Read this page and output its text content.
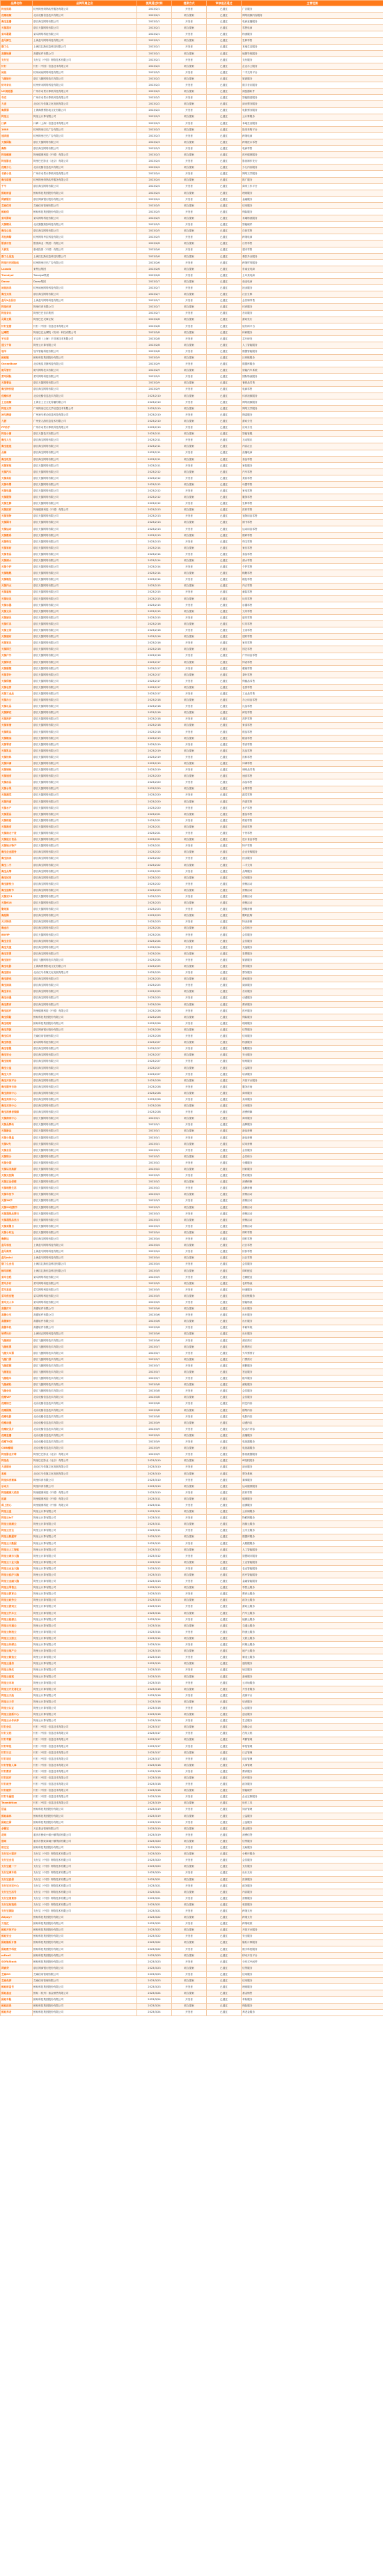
品牌名称	品牌所属企业	提案通过时间	提案方式	审核是否通过	主营范围
阿里妈妈	杭州阿里妈妈软件服务有限公司	2023/2/1	开发者	已通过	广告服务
优酷视频	北京优酷信息技术有限公司	2023/2/1	联合提案	已通过	网络视频内容服务
淘宝直播	浙江淘宝网络有限公司	2023/2/1	开发者	已通过	电商直播服务
天猫超市	浙江天猫网络有限公司	2023/2/1	联合提案	已通过	零售电商
菜鸟裹裹	菜鸟网络科技有限公司	2023/2/1	开发者	已通过	物流服务
盒马鲜生	上海盒马网络科技有限公司	2023/2/1	联合提案	已通过	生鲜零售
饿了么	上海拉扎斯信息科技有限公司	2023/2/1	开发者	已通过	本地生活服务
高德地图	高德软件有限公司	2023/2/1	联合提案	已通过	地图导航服务
支付宝	支付宝（中国）网络技术有限公司	2023/2/1	开发者	已通过	支付服务
钉钉	钉钉（中国）信息技术有限公司	2023/2/2	联合提案	已通过	企业办公服务
闲鱼	杭州闲鱼网络科技有限公司	2023/2/2	开发者	已通过	二手交易平台
飞猪旅行	浙江飞猪网络技术有限公司	2023/2/2	联合提案	已通过	旅游服务
虾米音乐	杭州虾米网络科技有限公司	2023/2/2	开发者	已通过	数字音乐服务
UC浏览器	广州市动景计算机科技有限公司	2023/2/2	联合提案	已通过	浏览器软件
夸克	广州市动景计算机科技有限公司	2023/2/2	开发者	已通过	智能搜索服务
大麦	北京红马传媒文化发展有限公司	2023/2/2	联合提案	已通过	演出票务服务
淘票票	上海淘票票影视文化有限公司	2023/2/2	开发者	已通过	电影票务服务
阿里云	阿里云计算有限公司	2023/2/3	联合提案	已通过	云计算服务
口碑	口碑（上海）信息技术有限公司	2023/2/3	开发者	已通过	本地生活服务
1688	杭州阿里巴巴广告有限公司	2023/2/3	联合提案	已通过	批发采购平台
速卖通	杭州阿里巴巴广告有限公司	2023/2/3	开发者	已通过	跨境电商
天猫国际	浙江天猫网络有限公司	2023/2/3	联合提案	已通过	跨境进口零售
淘特	浙江淘宝网络有限公司	2023/2/3	开发者	已通过	电商零售
阿里健康	阿里健康科技（中国）有限公司	2023/2/3	联合提案	已通过	医疗健康服务
阿里影业	阿里巴巴影业（北京）有限公司	2023/2/4	开发者	已通过	影视制作发行
优酷少儿	北京优酷信息技术有限公司	2023/2/4	联合提案	已通过	少儿内容服务
书旗小说	广州市动景计算机科技有限公司	2023/2/4	开发者	已通过	网络文学服务
淘宝联盟	杭州阿里妈妈软件服务有限公司	2023/2/4	联合提案	已通过	推广服务
千牛	浙江淘宝网络有限公司	2023/2/4	开发者	已通过	商家工作平台
蚂蚁财富	蚂蚁科技集团股份有限公司	2023/2/4	联合提案	已通过	理财服务
网商银行	浙江网商银行股份有限公司	2023/2/4	开发者	已通过	金融服务
芝麻信用	芝麻信用管理有限公司	2023/2/5	联合提案	已通过	信用服务
蚂蚁保	蚂蚁科技集团股份有限公司	2023/2/5	开发者	已通过	保险服务
菜鸟驿站	菜鸟网络科技有限公司	2023/2/5	联合提案	已通过	末端物流服务
天猫精灵	北京猫猫狗狗科技有限公司	2023/2/5	开发者	已通过	智能硬件
淘宝心选	浙江淘宝网络有限公司	2023/2/5	联合提案	已通过	自营零售
考拉海购	杭州网易考拉科技有限公司	2023/2/5	开发者	已通过	跨境电商
银泰百货	银泰商业（集团）有限公司	2023/2/6	联合提案	已通过	百货零售
大润发	康成投资（中国）有限公司	2023/2/6	开发者	已通过	超市零售
饿了么星选	上海拉扎斯信息科技有限公司	2023/2/6	联合提案	已通过	餐饮外卖服务
阿里巴巴国际站	杭州阿里巴巴广告有限公司	2023/2/6	开发者	已通过	跨境贸易服务
Lazada	来赞达集团	2023/2/6	联合提案	已通过	东南亚电商
Trendyol	Trendyol集团	2023/2/6	开发者	已通过	土耳其电商
Daraz	Daraz集团	2023/2/7	联合提案	已通过	南亚电商
闲鱼拍卖	杭州闲鱼网络科技有限公司	2023/2/7	开发者	已通过	拍卖服务
淘宝买菜	浙江淘宝网络有限公司	2023/2/7	联合提案	已通过	社区生鲜
盒马X会员店	上海盒马网络科技有限公司	2023/2/7	开发者	已通过	会员制零售
阿里体育	阿里体育有限公司	2023/2/7	联合提案	已通过	体育服务
阿里音乐	阿里巴巴音乐集团	2023/2/7	开发者	已通过	音乐服务
灵犀互娱	阿里巴巴灵犀互娱	2023/2/8	联合提案	已通过	游戏发行
钉钉宜搭	钉钉（中国）信息技术有限公司	2023/2/8	开发者	已通过	低代码平台
达摩院	阿里巴巴达摩院（杭州）科技有限公司	2023/2/8	联合提案	已通过	科研服务
平头哥	平头哥（上海）半导体技术有限公司	2023/2/8	开发者	已通过	芯片研发
通义千问	阿里云计算有限公司	2023/2/8	联合提案	已通过	人工智能服务
瓴羊	瓴羊智能科技有限公司	2023/2/8	开发者	已通过	数据智能服务
蚂蚁链	蚂蚁科技集团股份有限公司	2023/2/9	联合提案	已通过	区块链服务
OceanBase	北京奥星贝斯科技有限公司	2023/2/9	开发者	已通过	数据库服务
斑马智行	斑马网络技术有限公司	2023/2/9	联合提案	已通过	智能汽车系统
菜鸟国际	菜鸟网络科技有限公司	2023/2/9	开发者	已通过	国际物流服务
天猫奢品	浙江天猫网络有限公司	2023/2/9	联合提案	已通过	奢侈品零售
淘宝特价版	浙江淘宝网络有限公司	2023/2/9	开发者	已通过	电商零售
优酷体育	北京优酷信息技术有限公司	2023/2/10	联合提案	已通过	体育视频服务
土豆视频	上海全土豆文化传播有限公司	2023/2/10	开发者	已通过	网络视频服务
阿里文学	广州阿里巴巴文学信息技术有限公司	2023/2/10	联合提案	已通过	网络文学服务
神马搜索	广州神马移动信息科技有限公司	2023/2/10	开发者	已通过	搜索服务
九游	广州爱九游信息技术有限公司	2023/2/10	联合提案	已通过	游戏分发
PP助手	广州市动景计算机科技有限公司	2023/2/10	开发者	已通过	应用分发
阿里小蜜	浙江天猫技术有限公司	2023/2/11	联合提案	已通过	智能客服
淘宝人生	浙江淘宝网络有限公司	2023/2/11	开发者	已通过	互动娱乐
淘宝逛逛	浙江淘宝网络有限公司	2023/2/11	联合提案	已通过	内容社区
点淘	浙江淘宝网络有限公司	2023/2/11	开发者	已通过	直播电商
淘宝吃货	浙江淘宝网络有限公司	2023/2/11	联合提案	已通过	食品零售
天猫家装	浙江天猫网络有限公司	2023/2/11	开发者	已通过	家装服务
天猫汽车	浙江天猫网络有限公司	2023/2/12	联合提案	已通过	汽车零售
天猫美妆	浙江天猫网络有限公司	2023/2/12	开发者	已通过	美妆零售
天猫母婴	浙江天猫网络有限公司	2023/2/12	联合提案	已通过	母婴零售
天猫电器	浙江天猫网络有限公司	2023/2/12	开发者	已通过	家电零售
天猫服饰	浙江天猫网络有限公司	2023/2/12	联合提案	已通过	服饰零售
天猫生鲜	浙江天猫网络有限公司	2023/2/12	开发者	已通过	生鲜零售
天猫医药	阿里健康科技（中国）有限公司	2023/2/13	联合提案	已通过	医药零售
天猫宠物	浙江天猫网络有限公司	2023/2/13	开发者	已通过	宠物用品零售
天猫图书	浙江天猫网络有限公司	2023/2/13	联合提案	已通过	图书零售
天猫运动	浙江天猫网络有限公司	2023/2/13	开发者	已通过	运动用品零售
天猫数码	浙江天猫网络有限公司	2023/2/13	联合提案	已通过	数码零售
天猫珠宝	浙江天猫网络有限公司	2023/2/13	开发者	已通过	珠宝零售
天猫家纺	浙江天猫网络有限公司	2023/2/14	联合提案	已通过	家纺零售
天猫食品	浙江天猫网络有限公司	2023/2/14	开发者	已通过	食品零售
天猫酒水	浙江天猫网络有限公司	2023/2/14	联合提案	已通过	酒水零售
天猫个护	浙江天猫网络有限公司	2023/2/14	开发者	已通过	个护零售
天猫鞋靴	浙江天猫网络有限公司	2023/2/14	联合提案	已通过	鞋靴零售
天猫箱包	浙江天猫网络有限公司	2023/2/14	开发者	已通过	箱包零售
天猫内衣	浙江天猫网络有限公司	2023/2/15	联合提案	已通过	内衣零售
天猫童装	浙江天猫网络有限公司	2023/2/15	开发者	已通过	童装零售
天猫玩具	浙江天猫网络有限公司	2023/2/15	联合提案	已通过	玩具零售
天猫乐器	浙江天猫网络有限公司	2023/2/15	开发者	已通过	乐器零售
天猫文具	浙江天猫网络有限公司	2023/2/15	联合提案	已通过	文具零售
天猫厨具	浙江天猫网络有限公司	2023/2/15	开发者	已通过	厨具零售
天猫灯具	浙江天猫网络有限公司	2023/2/16	联合提案	已通过	灯具零售
天猫卫浴	浙江天猫网络有限公司	2023/2/16	开发者	已通过	卫浴零售
天猫建材	浙江天猫网络有限公司	2023/2/16	联合提案	已通过	建材零售
天猫家具	浙江天猫网络有限公司	2023/2/16	开发者	已通过	家具零售
天猫园艺	浙江天猫网络有限公司	2023/2/16	联合提案	已通过	园艺零售
天猫户外	浙江天猫网络有限公司	2023/2/16	开发者	已通过	户外用品零售
天猫钟表	浙江天猫网络有限公司	2023/2/17	联合提案	已通过	钟表零售
天猫眼镜	浙江天猫网络有限公司	2023/2/17	开发者	已通过	眼镜零售
天猫茶叶	浙江天猫网络有限公司	2023/2/17	联合提案	已通过	茶叶零售
天猫保健	浙江天猫网络有限公司	2023/2/17	开发者	已通过	保健品零售
天猫农资	浙江天猫网络有限公司	2023/2/17	联合提案	已通过	农资零售
天猫工业品	浙江天猫网络有限公司	2023/2/17	开发者	已通过	工业品零售
天猫办公	浙江天猫网络有限公司	2023/2/18	联合提案	已通过	办公用品零售
天猫礼品	浙江天猫网络有限公司	2023/2/18	开发者	已通过	礼品零售
天猫鲜花	浙江天猫网络有限公司	2023/2/18	联合提案	已通过	鲜花零售
天猫洗护	浙江天猫网络有限公司	2023/2/18	开发者	已通过	洗护零售
天猫家清	浙江天猫网络有限公司	2023/2/18	联合提案	已通过	家清零售
天猫纸品	浙江天猫网络有限公司	2023/2/18	开发者	已通过	纸品零售
天猫粮油	浙江天猫网络有限公司	2023/2/19	联合提案	已通过	粮油零售
天猫零食	浙江天猫网络有限公司	2023/2/19	开发者	已通过	零食零售
天猫乳品	浙江天猫网络有限公司	2023/2/19	联合提案	已通过	乳品零售
天猫饮料	浙江天猫网络有限公司	2023/2/19	开发者	已通过	饮料零售
天猫冲调	浙江天猫网络有限公司	2023/2/19	联合提案	已通过	冲调零售
天猫调味	浙江天猫网络有限公司	2023/2/19	开发者	已通过	调味品零售
天猫速食	浙江天猫网络有限公司	2023/2/20	联合提案	已通过	速食零售
天猫冻品	浙江天猫网络有限公司	2023/2/20	开发者	已通过	冻品零售
天猫水果	浙江天猫网络有限公司	2023/2/20	联合提案	已通过	水果零售
天猫蔬菜	浙江天猫网络有限公司	2023/2/20	开发者	已通过	蔬菜零售
天猫肉禽	浙江天猫网络有限公司	2023/2/20	联合提案	已通过	肉禽零售
天猫水产	浙江天猫网络有限公司	2023/2/20	开发者	已通过	水产零售
天猫蛋品	浙江天猫网络有限公司	2023/2/21	联合提案	已通过	蛋品零售
天猫烘焙	浙江天猫网络有限公司	2023/2/21	开发者	已通过	烘焙零售
天猫熟食	浙江天猫网络有限公司	2023/2/21	联合提案	已通过	熟食零售
天猫南北干货	浙江天猫网络有限公司	2023/2/21	开发者	已通过	干货零售
天猫进口食品	浙江天猫网络有限公司	2023/2/21	联合提案	已通过	进口食品零售
天猫地方特产	浙江天猫网络有限公司	2023/2/21	开发者	已通过	特产零售
淘宝企业服务	浙江淘宝网络有限公司	2023/2/22	联合提案	已通过	企业采购服务
淘宝拍卖	浙江淘宝网络有限公司	2023/2/22	开发者	已通过	拍卖服务
淘宝二手	浙江淘宝网络有限公司	2023/2/22	联合提案	已通过	二手交易
淘宝众筹	浙江淘宝网络有限公司	2023/2/22	开发者	已通过	众筹服务
淘宝试用	浙江淘宝网络有限公司	2023/2/22	联合提案	已通过	试用服务
淘宝新势力	浙江淘宝网络有限公司	2023/2/22	开发者	已通过	营销活动
淘宝造物节	浙江淘宝网络有限公司	2023/2/23	联合提案	已通过	营销活动
天猫双11	浙江天猫网络有限公司	2023/2/23	开发者	已通过	营销活动
天猫618	浙江天猫网络有限公司	2023/2/23	联合提案	已通过	营销活动
聚划算	浙江天猫网络有限公司	2023/2/23	开发者	已通过	团购营销
淘抢购	浙江淘宝网络有限公司	2023/2/23	联合提案	已通过	限时抢购
天天特卖	浙江淘宝网络有限公司	2023/2/23	开发者	已通过	特卖营销
淘金币	浙江淘宝网络有限公司	2023/2/24	联合提案	已通过	会员积分
88VIP	浙江天猫网络有限公司	2023/2/24	开发者	已通过	会员服务
淘宝会员	浙江淘宝网络有限公司	2023/2/24	联合提案	已通过	会员服务
淘宝充值	浙江淘宝网络有限公司	2023/2/24	开发者	已通过	充值服务
淘宝彩票	浙江淘宝网络有限公司	2023/2/24	联合提案	已通过	彩票服务
淘宝旅行	浙江飞猪网络技术有限公司	2023/2/24	开发者	已通过	旅游服务
淘宝电影	上海淘票票影视文化有限公司	2023/2/25	联合提案	已通过	票务服务
淘宝演出	北京红马传媒文化发展有限公司	2023/2/25	开发者	已通过	票务服务
淘宝游戏	浙江淘宝网络有限公司	2023/2/25	联合提案	已通过	游戏服务
淘宝阅读	浙江淘宝网络有限公司	2023/2/25	开发者	已通过	阅读服务
淘宝音乐	浙江淘宝网络有限公司	2023/2/25	联合提案	已通过	音乐服务
淘宝动漫	浙江淘宝网络有限公司	2023/2/25	开发者	已通过	动漫服务
淘宝教育	浙江淘宝网络有限公司	2023/2/26	联合提案	已通过	教育服务
淘宝医疗	阿里健康科技（中国）有限公司	2023/2/26	开发者	已通过	医疗服务
淘宝保险	蚂蚁科技集团股份有限公司	2023/2/26	联合提案	已通过	保险服务
淘宝理财	蚂蚁科技集团股份有限公司	2023/2/26	开发者	已通过	理财服务
淘宝贷款	浙江网商银行股份有限公司	2023/2/26	联合提案	已通过	信贷服务
淘宝信用	芝麻信用管理有限公司	2023/2/26	开发者	已通过	信用服务
淘宝物流	菜鸟网络科技有限公司	2023/2/27	联合提案	已通过	物流服务
淘宝客服	浙江淘宝网络有限公司	2023/2/27	开发者	已通过	客服服务
淘宝安全	浙江淘宝网络有限公司	2023/2/27	联合提案	已通过	安全服务
淘宝规则	浙江淘宝网络有限公司	2023/2/27	开发者	已通过	规则服务
淘宝公益	浙江淘宝网络有限公司	2023/2/27	联合提案	已通过	公益服务
淘宝大学	浙江淘宝网络有限公司	2023/2/27	开发者	已通过	培训服务
淘宝开放平台	浙江淘宝网络有限公司	2023/2/28	联合提案	已通过	开放平台服务
淘宝服务市场	浙江淘宝网络有限公司	2023/2/28	开发者	已通过	服务市场
淘宝商家中心	浙江淘宝网络有限公司	2023/2/28	联合提案	已通过	商家服务
淘宝卖家中心	浙江淘宝网络有限公司	2023/2/28	开发者	已通过	卖家服务
淘宝买家中心	浙江淘宝网络有限公司	2023/2/28	联合提案	已通过	买家服务
淘宝消费者保障	浙江淘宝网络有限公司	2023/2/28	开发者	已通过	消费保障
天猫商家中心	浙江天猫网络有限公司	2023/3/1	联合提案	已通过	商家服务
天猫品牌站	浙江天猫网络有限公司	2023/3/1	开发者	已通过	品牌服务
天猫新品	浙江天猫网络有限公司	2023/3/1	联合提案	已通过	新品营销
天猫小黑盒	浙江天猫网络有限公司	2023/3/1	开发者	已通过	新品营销
天猫U先	浙江天猫网络有限公司	2023/3/1	联合提案	已通过	试用营销
天猫会员	浙江天猫网络有限公司	2023/3/1	开发者	已通过	会员服务
天猫积分	浙江天猫网络有限公司	2023/3/2	联合提案	已通过	会员积分
天猫分期	浙江天猫网络有限公司	2023/3/2	开发者	已通过	分期服务
天猫以旧换新	浙江天猫网络有限公司	2023/3/2	联合提案	已通过	回收服务
天猫无忧购	浙江天猫网络有限公司	2023/3/2	开发者	已通过	售后服务
天猫正品保障	浙江天猫网络有限公司	2023/3/2	联合提案	已通过	消费保障
天猫理想生活	浙江天猫网络有限公司	2023/3/2	开发者	已通过	品牌营销
天猫年货节	浙江天猫网络有限公司	2023/3/3	联合提案	已通过	营销活动
天猫38节	浙江天猫网络有限公司	2023/3/3	开发者	已通过	营销活动
天猫99划算节	浙江天猫网络有限公司	2023/3/3	联合提案	已通过	营销活动
天猫超级品牌日	浙江天猫网络有限公司	2023/3/3	开发者	已通过	营销活动
天猫超级品类日	浙江天猫网络有限公司	2023/3/3	联合提案	已通过	营销活动
天猫欢聚日	浙江天猫网络有限公司	2023/3/3	开发者	已通过	营销活动
天猫小时达	浙江天猫网络有限公司	2023/3/4	联合提案	已通过	即时零售
淘鲜达	浙江淘宝网络有限公司	2023/3/4	开发者	已通过	即时零售
盒马邻里	上海盒马网络科技有限公司	2023/3/4	联合提案	已通过	社区零售
盒马奥莱	上海盒马网络科技有限公司	2023/3/4	开发者	已通过	折扣零售
盒马mini	上海盒马网络科技有限公司	2023/3/4	联合提案	已通过	社区零售
饿了么会员	上海拉扎斯信息科技有限公司	2023/3/4	开发者	已通过	会员服务
蜂鸟即配	上海拉扎斯信息科技有限公司	2023/3/5	联合提案	已通过	即时配送
菜鸟仓配	菜鸟网络科技有限公司	2023/3/5	开发者	已通过	仓储配送
菜鸟乡村	菜鸟网络科技有限公司	2023/3/5	联合提案	已通过	农村物流
菜鸟直送	菜鸟网络科技有限公司	2023/3/5	开发者	已通过	快递服务
菜鸟供应链	菜鸟网络科技有限公司	2023/3/5	联合提案	已通过	供应链服务
菜鸟无人车	菜鸟网络科技有限公司	2023/3/5	开发者	已通过	智能物流
高德打车	高德软件有限公司	2023/3/6	联合提案	已通过	出行服务
高德公交	高德软件有限公司	2023/3/6	开发者	已通过	出行服务
高德骑行	高德软件有限公司	2023/3/6	联合提案	已通过	出行服务
高德车机	高德软件有限公司	2023/3/6	开发者	已通过	车载导航
哈啰出行	上海钧正网络科技有限公司	2023/3/6	联合提案	已通过	出行服务
飞猪酒店	浙江飞猪网络技术有限公司	2023/3/6	开发者	已通过	酒店预订
飞猪机票	浙江飞猪网络技术有限公司	2023/3/7	联合提案	已通过	机票预订
飞猪火车票	浙江飞猪网络技术有限公司	2023/3/7	开发者	已通过	火车票预订
飞猪门票	浙江飞猪网络技术有限公司	2023/3/7	联合提案	已通过	门票预订
飞猪度假	浙江飞猪网络技术有限公司	2023/3/7	开发者	已通过	度假服务
飞猪签证	浙江飞猪网络技术有限公司	2023/3/7	联合提案	已通过	签证服务
飞猪租车	浙江飞猪网络技术有限公司	2023/3/7	开发者	已通过	租车服务
飞猪邮轮	浙江飞猪网络技术有限公司	2023/3/8	联合提案	已通过	邮轮服务
飞猪会员	浙江飞猪网络技术有限公司	2023/3/8	开发者	已通过	会员服务
优酷VIP	北京优酷信息技术有限公司	2023/3/8	联合提案	已通过	会员服务
优酷综艺	北京优酷信息技术有限公司	2023/3/8	开发者	已通过	综艺内容
优酷剧集	北京优酷信息技术有限公司	2023/3/8	联合提案	已通过	剧集内容
优酷电影	北京优酷信息技术有限公司	2023/3/8	开发者	已通过	电影内容
优酷动漫	北京优酷信息技术有限公司	2023/3/9	联合提案	已通过	动漫内容
优酷纪录片	北京优酷信息技术有限公司	2023/3/9	开发者	已通过	纪录片内容
优酷直播	北京优酷信息技术有限公司	2023/3/9	联合提案	已通过	直播服务
优酷TV版	北京优酷信息技术有限公司	2023/3/9	开发者	已通过	电视端服务
CIBN酷喵	北京优酷信息技术有限公司	2023/3/9	联合提案	已通过	电视端服务
阿里影业灯塔	阿里巴巴影业（北京）有限公司	2023/3/9	开发者	已通过	影视数据服务
阿里鱼	阿里巴巴影业（北京）有限公司	2023/3/10	联合提案	已通过	IP授权服务
大麦演出	北京红马传媒文化发展有限公司	2023/3/10	开发者	已通过	演出服务
麦座	北京红马传媒文化发展有限公司	2023/3/10	联合提案	已通过	票务系统
阿里体育赛事	阿里体育有限公司	2023/3/10	开发者	已通过	赛事服务
乐动力	阿里体育有限公司	2023/3/10	联合提案	已通过	运动健康服务
阿里健康大药房	阿里健康科技（中国）有限公司	2023/3/10	开发者	已通过	医药零售
医鹿	阿里健康科技（中国）有限公司	2023/3/11	联合提案	已通过	健康服务
码上放心	阿里健康科技（中国）有限公司	2023/3/11	开发者	已通过	追溯服务
阿里云盘	阿里云计算有限公司	2023/3/11	联合提案	已通过	云存储服务
阿里云IoT	阿里云计算有限公司	2023/3/11	开发者	已通过	物联网服务
阿里云视频云	阿里云计算有限公司	2023/3/11	联合提案	已通过	视频云服务
阿里云安全	阿里云计算有限公司	2023/3/11	开发者	已通过	云安全服务
阿里云数据库	阿里云计算有限公司	2023/3/12	联合提案	已通过	数据库服务
阿里云大数据	阿里云计算有限公司	2023/3/12	开发者	已通过	大数据服务
阿里云人工智能	阿里云计算有限公司	2023/3/12	联合提案	已通过	人工智能服务
阿里云城市大脑	阿里云计算有限公司	2023/3/12	开发者	已通过	智慧城市服务
阿里云工业大脑	阿里云计算有限公司	2023/3/12	联合提案	已通过	工业智能服务
阿里云农业大脑	阿里云计算有限公司	2023/3/12	开发者	已通过	农业智能服务
阿里云医疗大脑	阿里云计算有限公司	2023/3/13	联合提案	已通过	医疗智能服务
阿里云金融大脑	阿里云计算有限公司	2023/3/13	开发者	已通过	金融智能服务
阿里云零售云	阿里云计算有限公司	2023/3/13	联合提案	已通过	零售云服务
阿里云教育云	阿里云计算有限公司	2023/3/13	开发者	已通过	教育云服务
阿里云政务云	阿里云计算有限公司	2023/3/13	联合提案	已通过	政务云服务
阿里云游戏云	阿里云计算有限公司	2023/3/13	开发者	已通过	游戏云服务
阿里云汽车云	阿里云计算有限公司	2023/3/14	联合提案	已通过	汽车云服务
阿里云能源云	阿里云计算有限公司	2023/3/14	开发者	已通过	能源云服务
阿里云交通云	阿里云计算有限公司	2023/3/14	联合提案	已通过	交通云服务
阿里云物流云	阿里云计算有限公司	2023/3/14	开发者	已通过	物流云服务
阿里云文旅云	阿里云计算有限公司	2023/3/14	联合提案	已通过	文旅云服务
阿里云传媒云	阿里云计算有限公司	2023/3/14	开发者	已通过	传媒云服务
阿里云地产云	阿里云计算有限公司	2023/3/15	联合提案	已通过	地产云服务
阿里云制造云	阿里云计算有限公司	2023/3/15	开发者	已通过	制造云服务
阿里云通信	阿里云计算有限公司	2023/3/15	联合提案	已通过	通信服务
阿里云域名	阿里云计算有限公司	2023/3/15	开发者	已通过	域名服务
阿里云备案	阿里云计算有限公司	2023/3/15	联合提案	已通过	备案服务
阿里云市场	阿里云计算有限公司	2023/3/15	开发者	已通过	云市场服务
阿里云开发者社区	阿里云计算有限公司	2023/3/16	联合提案	已通过	开发者服务
阿里云天池	阿里云计算有限公司	2023/3/16	开发者	已通过	竞赛平台
阿里云大学	阿里云计算有限公司	2023/3/16	联合提案	已通过	培训服务
阿里云认证	阿里云计算有限公司	2023/3/16	开发者	已通过	认证服务
阿里云创新中心	阿里云计算有限公司	2023/3/16	联合提案	已通过	创业服务
阿里云合作伙伴	阿里云计算有限公司	2023/3/16	开发者	已通过	生态服务
钉钉会议	钉钉（中国）信息技术有限公司	2023/3/17	联合提案	已通过	视频会议
钉钉文档	钉钉（中国）信息技术有限公司	2023/3/17	开发者	已通过	在线文档
钉钉考勤	钉钉（中国）信息技术有限公司	2023/3/17	联合提案	已通过	考勤管理
钉钉审批	钉钉（中国）信息技术有限公司	2023/3/17	开发者	已通过	审批管理
钉钉日志	钉钉（中国）信息技术有限公司	2023/3/17	联合提案	已通过	日志管理
钉钉项目	钉钉（中国）信息技术有限公司	2023/3/17	开发者	已通过	项目管理
钉钉智能人事	钉钉（中国）信息技术有限公司	2023/3/18	联合提案	已通过	人事管理
钉钉教育	钉钉（中国）信息技术有限公司	2023/3/18	开发者	已通过	教育服务
钉钉医疗	钉钉（中国）信息技术有限公司	2023/3/18	联合提案	已通过	医疗服务
钉钉政务	钉钉（中国）信息技术有限公司	2023/3/18	开发者	已通过	政务服务
钉钉硬件	钉钉（中国）信息技术有限公司	2023/3/18	联合提案	已通过	智能硬件
钉钉专属版	钉钉（中国）信息技术有限公司	2023/3/18	开发者	已通过	企业定制服务
Teambition	钉钉（中国）信息技术有限公司	2023/3/19	联合提案	已通过	协作工具
语雀	蚂蚁科技集团股份有限公司	2023/3/19	开发者	已通过	知识管理
蚂蚁森林	蚂蚁科技集团股份有限公司	2023/3/19	联合提案	已通过	公益服务
蚂蚁庄园	蚂蚁科技集团股份有限公司	2023/3/19	开发者	已通过	公益服务
余额宝	天弘基金管理有限公司	2023/3/19	联合提案	已通过	基金服务
花呗	重庆市蚂蚁小微小额贷款有限公司	2023/3/19	开发者	已通过	消费信贷
借呗	重庆市蚂蚁商诚小额贷款有限公司	2023/3/20	联合提案	已通过	信贷服务
相互宝	蚂蚁科技集团股份有限公司	2023/3/20	开发者	已通过	互助服务
支付宝小程序	支付宝（中国）网络技术有限公司	2023/3/20	联合提案	已通过	小程序服务
支付宝会员	支付宝（中国）网络技术有限公司	2023/3/20	开发者	已通过	会员服务
支付宝碰一下	支付宝（中国）网络技术有限公司	2023/3/20	联合提案	已通过	支付服务
支付宝乘车码	支付宝（中国）网络技术有限公司	2023/3/20	开发者	已通过	出行支付
支付宝医保	支付宝（中国）网络技术有限公司	2023/3/21	联合提案	已通过	医保服务
支付宝市民中心	支付宝（中国）网络技术有限公司	2023/3/21	开发者	已通过	政务服务
支付宝生活号	支付宝（中国）网络技术有限公司	2023/3/21	联合提案	已通过	内容服务
支付宝消费券	支付宝（中国）网络技术有限公司	2023/3/21	开发者	已通过	营销服务
支付宝收钱码	支付宝（中国）网络技术有限公司	2023/3/21	联合提案	已通过	收款服务
支付宝国际	支付宝（中国）网络技术有限公司	2023/3/21	开发者	已通过	跨境支付
Alipay+	蚂蚁科技集团股份有限公司	2023/3/22	联合提案	已通过	跨境支付
万里汇	蚂蚁科技集团股份有限公司	2023/3/22	开发者	已通过	跨境收款
蚂蚁开放平台	蚂蚁科技集团股份有限公司	2023/3/22	联合提案	已通过	开放平台服务
蚂蚁安全	蚂蚁科技集团股份有限公司	2023/3/22	开发者	已通过	安全服务
蚂蚁隐私计算	蚂蚁科技集团股份有限公司	2023/3/22	联合提案	已通过	隐私计算服务
蚂蚁数字科技	蚂蚁科技集团股份有限公司	2023/3/22	开发者	已通过	数字科技服务
mPaaS	蚂蚁科技集团股份有限公司	2023/3/23	联合提案	已通过	移动开发平台
SOFAStack	蚂蚁科技集团股份有限公司	2023/3/23	开发者	已通过	分布式中间件
网商贷	浙江网商银行股份有限公司	2023/3/23	联合提案	已通过	信贷服务
芝麻GO	芝麻信用管理有限公司	2023/3/23	开发者	已通过	信用服务
芝麻免押	芝麻信用管理有限公司	2023/3/23	联合提案	已通过	信用服务
蚂蚁财富号	蚂蚁科技集团股份有限公司	2023/3/23	开发者	已通过	理财服务
蚂蚁基金	蚂蚁（杭州）基金销售有限公司	2023/3/24	联合提案	已通过	基金销售
蚂蚁车险	蚂蚁科技集团股份有限公司	2023/3/24	开发者	已通过	车险服务
蚂蚁医保	蚂蚁科技集团股份有限公司	2023/3/24	联合提案	已通过	保险服务
蚂蚁养老	蚂蚁科技集团股份有限公司	2023/3/24	开发者	已通过	养老金服务
